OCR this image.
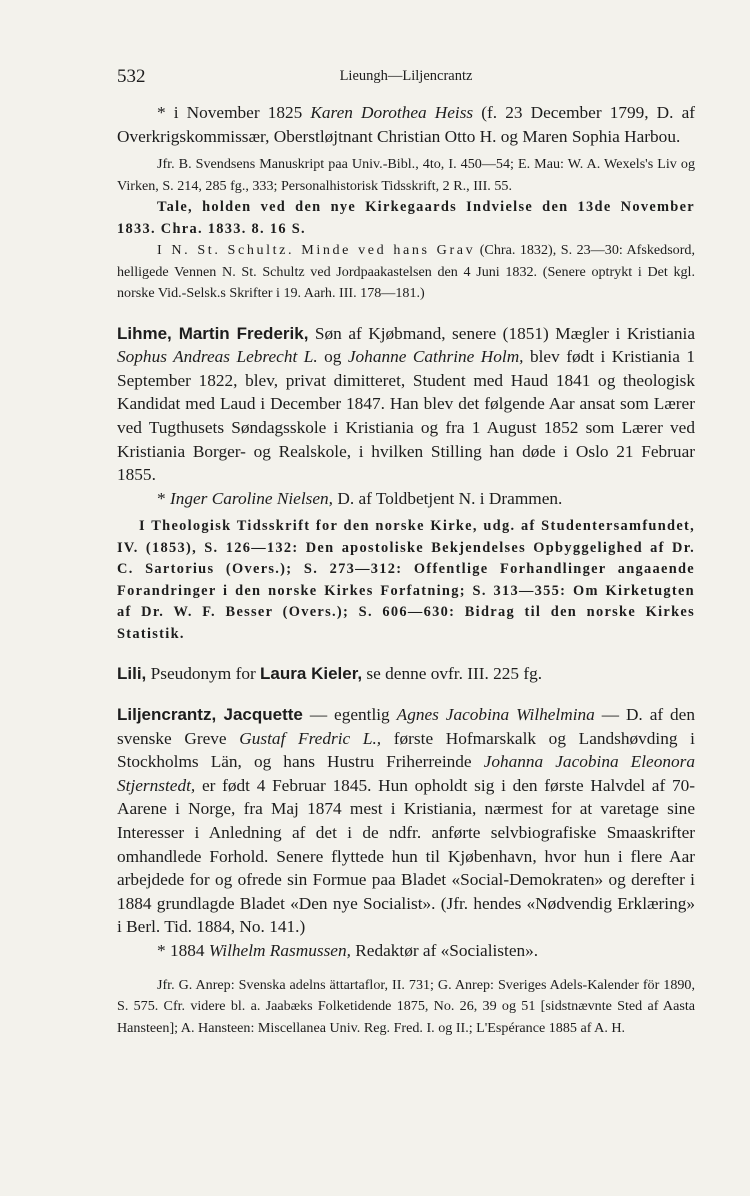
532	Lieungh—Liljencrantz

* i November 1825 Karen Dorothea Heiss (f. 23 December 1799, D. af Overkrigskommissær, Oberstløjtnant Christian Otto H. og Maren Sophia Harbou.

Jfr. B. Svendsens Manuskript paa Univ.-Bibl., 4to, I. 450—54; E. Mau: W. A. Wexels's Liv og Virken, S. 214, 285 fg., 333; Personalhistorisk Tidsskrift, 2 R., III. 55.

Tale, holden ved den nye Kirkegaards Indvielse den 13de November 1833. Chra. 1833. 8. 16 S.

I N. St. Schultz. Minde ved hans Grav (Chra. 1832), S. 23—30: Afskedsord, helligede Vennen N. St. Schultz ved Jordpaakastelsen den 4 Juni 1832. (Senere optrykt i Det kgl. norske Vid.-Selsk.s Skrifter i 19. Aarh. III. 178—181.)

Lihme, Martin Frederik, Søn af Kjøbmand, senere (1851) Mægler i Kristiania Sophus Andreas Lebrecht L. og Johanne Cathrine Holm, blev født i Kristiania 1 September 1822, blev, privat dimitteret, Student med Haud 1841 og theologisk Kandidat med Laud i December 1847. Han blev det følgende Aar ansat som Lærer ved Tugthusets Søndagsskole i Kristiania og fra 1 August 1852 som Lærer ved Kristiania Borger- og Realskole, i hvilken Stilling han døde i Oslo 21 Februar 1855.

* Inger Caroline Nielsen, D. af Toldbetjent N. i Drammen.

I Theologisk Tidsskrift for den norske Kirke, udg. af Studentersamfundet, IV. (1853), S. 126—132: Den apostoliske Bekjendelses Opbyggelighed af Dr. C. Sartorius (Overs.); S. 273—312: Offentlige Forhandlinger angaaende Forandringer i den norske Kirkes Forfatning; S. 313—355: Om Kirketugten af Dr. W. F. Besser (Overs.); S. 606—630: Bidrag til den norske Kirkes Statistik.

Lili, Pseudonym for Laura Kieler, se denne ovfr. III. 225 fg.

Liljencrantz, Jacquette — egentlig Agnes Jacobina Wilhelmina — D. af den svenske Greve Gustaf Fredric L., første Hofmarskalk og Landshøvding i Stockholms Län, og hans Hustru Friherreinde Johanna Jacobina Eleonora Stjernstedt, er født 4 Februar 1845. Hun opholdt sig i den første Halvdel af 70-Aarene i Norge, fra Maj 1874 mest i Kristiania, nærmest for at varetage sine Interesser i Anledning af det i de ndfr. anførte selvbiografiske Smaaskrifter omhandlede Forhold. Senere flyttede hun til Kjøbenhavn, hvor hun i flere Aar arbejdede for og ofrede sin Formue paa Bladet «Social-Demokraten» og derefter i 1884 grundlagde Bladet «Den nye Socialist». (Jfr. hendes «Nødvendig Erklæring» i Berl. Tid. 1884, No. 141.)

* 1884 Wilhelm Rasmussen, Redaktør af «Socialisten».

Jfr. G. Anrep: Svenska adelns ättartaflor, II. 731; G. Anrep: Sveriges Adels-Kalender för 1890, S. 575. Cfr. videre bl. a. Jaabæks Folketidende 1875, No. 26, 39 og 51 [sidstnævnte Sted af Aasta Hansteen]; A. Hansteen: Miscellanea Univ. Reg. Fred. I. og II.; L'Espérance 1885 af A. H.
